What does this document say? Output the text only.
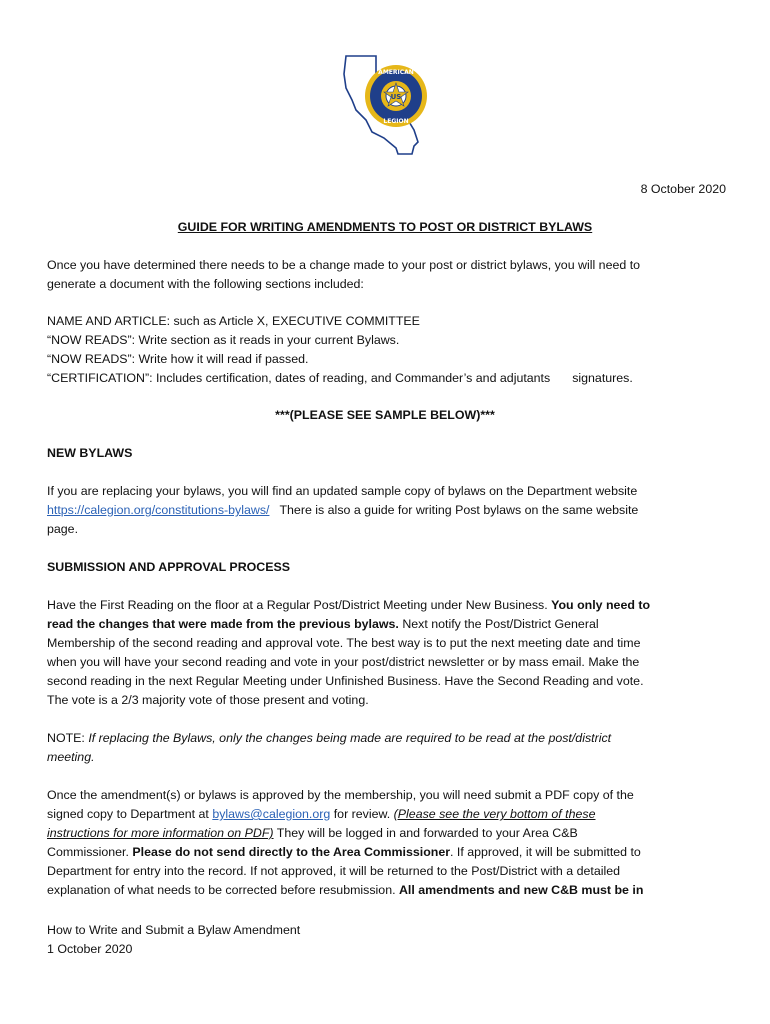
AMERICAN
LEGION
US
8 October 2020
GUIDE FOR WRITING AMENDMENTS TO POST OR DISTRICT BYLAWS
Once you have determined there needs to be a change made to your post or district bylaws, you will need to
generate a document with the following sections included:
NAME AND ARTICLE: such as Article X, EXECUTIVE COMMITTEE
“NOW READS”: Write section as it reads in your current Bylaws.
“NOW READS”: Write how it will read if passed.
“CERTIFICATION”: Includes certification, dates of reading, and Commander’s and adjutants signatures.
***(PLEASE SEE SAMPLE BELOW)***
NEW BYLAWS
If you are replacing your bylaws, you will find an updated sample copy of bylaws on the Department website
https://calegion.org/constitutions-bylaws/ There is also a guide for writing Post bylaws on the same website
page.
SUBMISSION AND APPROVAL PROCESS
Have the First Reading on the floor at a Regular Post/District Meeting under New Business. You only need to
read the changes that were made from the previous bylaws. Next notify the Post/District General
Membership of the second reading and approval vote. The best way is to put the next meeting date and time
when you will have your second reading and vote in your post/district newsletter or by mass email. Make the
second reading in the next Regular Meeting under Unfinished Business. Have the Second Reading and vote.
The vote is a 2/3 majority vote of those present and voting.
NOTE: If replacing the Bylaws, only the changes being made are required to be read at the post/district
meeting.
Once the amendment(s) or bylaws is approved by the membership, you will need submit a PDF copy of the
signed copy to Department at bylaws@calegion.org for review. (Please see the very bottom of these
instructions for more information on PDF) They will be logged in and forwarded to your Area C&B
Commissioner. Please do not send directly to the Area Commissioner. If approved, it will be submitted to
Department for entry into the record. If not approved, it will be returned to the Post/District with a detailed
explanation of what needs to be corrected before resubmission. All amendments and new C&B must be in
How to Write and Submit a Bylaw Amendment
1 October 2020
